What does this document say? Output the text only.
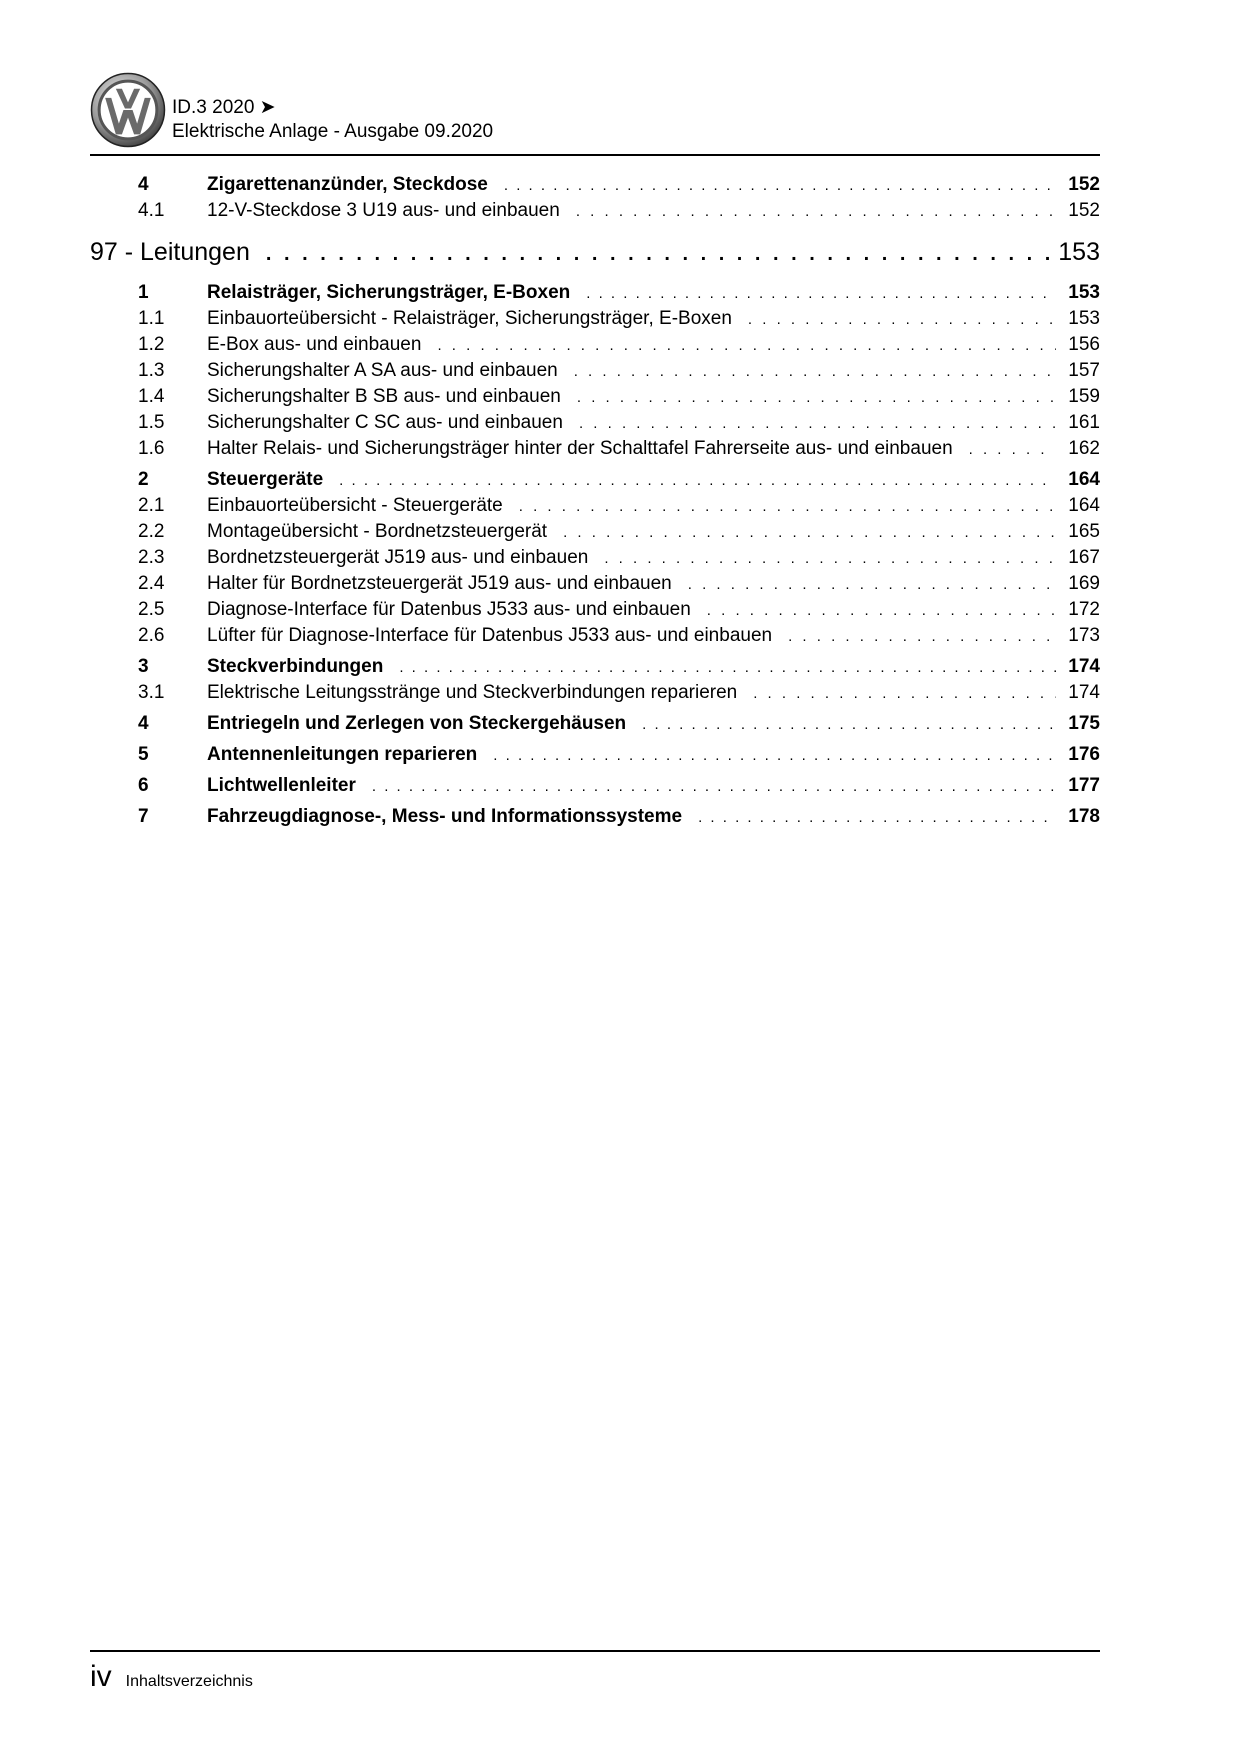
ID.3 2020 ➤
Elektrische Anlage - Ausgabe 09.2020
4	Zigarettenanzünder, Steckdose . . .	152
4.1	12-V-Steckdose 3 U19 aus- und einbauen . . .	152
97 - Leitungen . . .	153
1	Relaisträger, Sicherungsträger, E-Boxen . . .	153
1.1	Einbauorteübersicht - Relaisträger, Sicherungsträger, E-Boxen . . .	153
1.2	E-Box aus- und einbauen . . .	156
1.3	Sicherungshalter A SA aus- und einbauen . . .	157
1.4	Sicherungshalter B SB aus- und einbauen . . .	159
1.5	Sicherungshalter C SC aus- und einbauen . . .	161
1.6	Halter Relais- und Sicherungsträger hinter der Schalttafel Fahrerseite aus- und einbauen . . .	162
2	Steuergeräte . . .	164
2.1	Einbauorteübersicht - Steuergeräte . . .	164
2.2	Montageübersicht - Bordnetzsteuergerät . . .	165
2.3	Bordnetzsteuergerät J519 aus- und einbauen . . .	167
2.4	Halter für Bordnetzsteuergerät J519 aus- und einbauen . . .	169
2.5	Diagnose-Interface für Datenbus J533 aus- und einbauen . . .	172
2.6	Lüfter für Diagnose-Interface für Datenbus J533 aus- und einbauen . . .	173
3	Steckverbindungen . . .	174
3.1	Elektrische Leitungsstränge und Steckverbindungen reparieren . . .	174
4	Entriegeln und Zerlegen von Steckergehäusen . . .	175
5	Antennenleitungen reparieren . . .	176
6	Lichtwellenleiter . . .	177
7	Fahrzeugdiagnose-, Mess- und Informationssysteme . . .	178
iv Inhaltsverzeichnis
